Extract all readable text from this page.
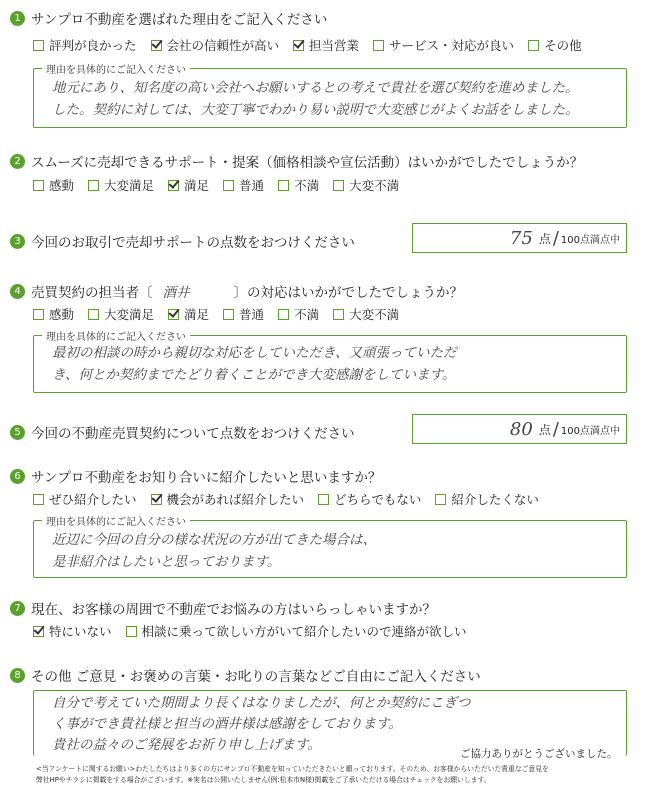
1 サンプロ不動産を選ばれた理由をご記入ください
評判が良かった 会社の信頼性が高い 担当営業 サービス・対応が良い その他
理由を具体的にご記入ください
地元にあり、知名度の高い会社へお願いするとの考えで貴社を選び契約を進めました。
した。契約に対しては、大変丁寧でわかり易い説明で大変感じがよくお話をしました。
2 スムーズに売却できるサポート・提案（価格相談や宣伝活動）はいかがでしたでしょうか？
感動 大変満足 満足 普通 不満 大変不満
3 今回のお取引で売却サポートの点数をおつけください	75 点 / 100点満点中
4 売買契約の担当者〔 酒井	〕の対応はいかがでしたでしょうか？
感動 大変満足 満足 普通 不満 大変不満
理由を具体的にご記入ください
最初の相談の時から親切な対応をしていただき、又頑張っていただ
き、何とか契約までたどり着くことができ大変感謝をしています。
5 今回の不動産売買契約について点数をおつけください	80 点 / 100点満点中
6 サンプロ不動産をお知り合いに紹介したいと思いますか？
ぜひ紹介したい 機会があれば紹介したい どちらでもない 紹介したくない
理由を具体的にご記入ください
近辺に今回の自分の様な状況の方が出てきた場合は、
是非紹介はしたいと思っております。
7 現在、お客様の周囲で不動産でお悩みの方はいらっしゃいますか？
特にいない 相談に乗って欲しい方がいて紹介したいので連絡が欲しい
8 その他 ご意見・お褒めの言葉・お叱りの言葉などご自由にご記入ください
自分で考えていた期間より長くはなりましたが、何とか契約にこぎつ
く事ができ貴社様と担当の酒井様は感謝をしております。
貴社の益々のご発展をお祈り申し上げます。
ご協力ありがとうございました。
<当アンケートに関するお願い>わたしたちはより多くの方にサンプロ不動産を知っていただきたいと願っております。そのため、お客様からいただいた貴重なご意見を
弊社HPやチラシに掲載をする場合がございます。※実名は公開いたしません(例:松本市N様)掲載をご了承いただける場合はチェックをお願いします。
